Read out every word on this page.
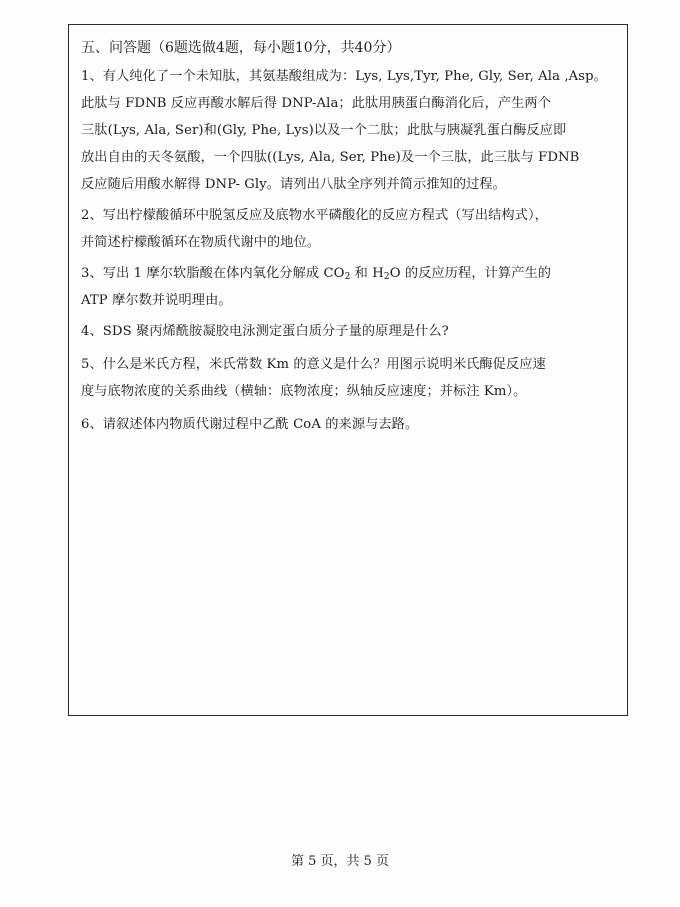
五、问答题（6题选做4题，每小题10分，共40分）
1、有人纯化了一个未知肽，其氨基酸组成为：Lys, Lys,Tyr, Phe, Gly, Ser, Ala ,Asp。
此肽与 FDNB 反应再酸水解后得 DNP-Ala；此肽用胰蛋白酶消化后，产生两个
三肽(Lys, Ala, Ser)和(Gly, Phe, Lys)以及一个二肽；此肽与胰凝乳蛋白酶反应即
放出自由的天冬氨酸，一个四肽((Lys, Ala, Ser, Phe)及一个三肽，此三肽与 FDNB
反应随后用酸水解得 DNP- Gly。请列出八肽全序列并简示推知的过程。
2、写出柠檬酸循环中脱氢反应及底物水平磷酸化的反应方程式（写出结构式），
并简述柠檬酸循环在物质代谢中的地位。
3、写出 1 摩尔软脂酸在体内氧化分解成 $CO_2$ 和 $H_2O$ 的反应历程，计算产生的
ATP 摩尔数并说明理由。
4、SDS 聚丙烯酰胺凝胶电泳测定蛋白质分子量的原理是什么?
5、什么是米氏方程，米氏常数 Km 的意义是什么？用图示说明米氏酶促反应速
度与底物浓度的关系曲线（横轴：底物浓度；纵轴反应速度；并标注 Km）。
6、请叙述体内物质代谢过程中乙酰 CoA 的来源与去路。
第 5 页，共 5 页
